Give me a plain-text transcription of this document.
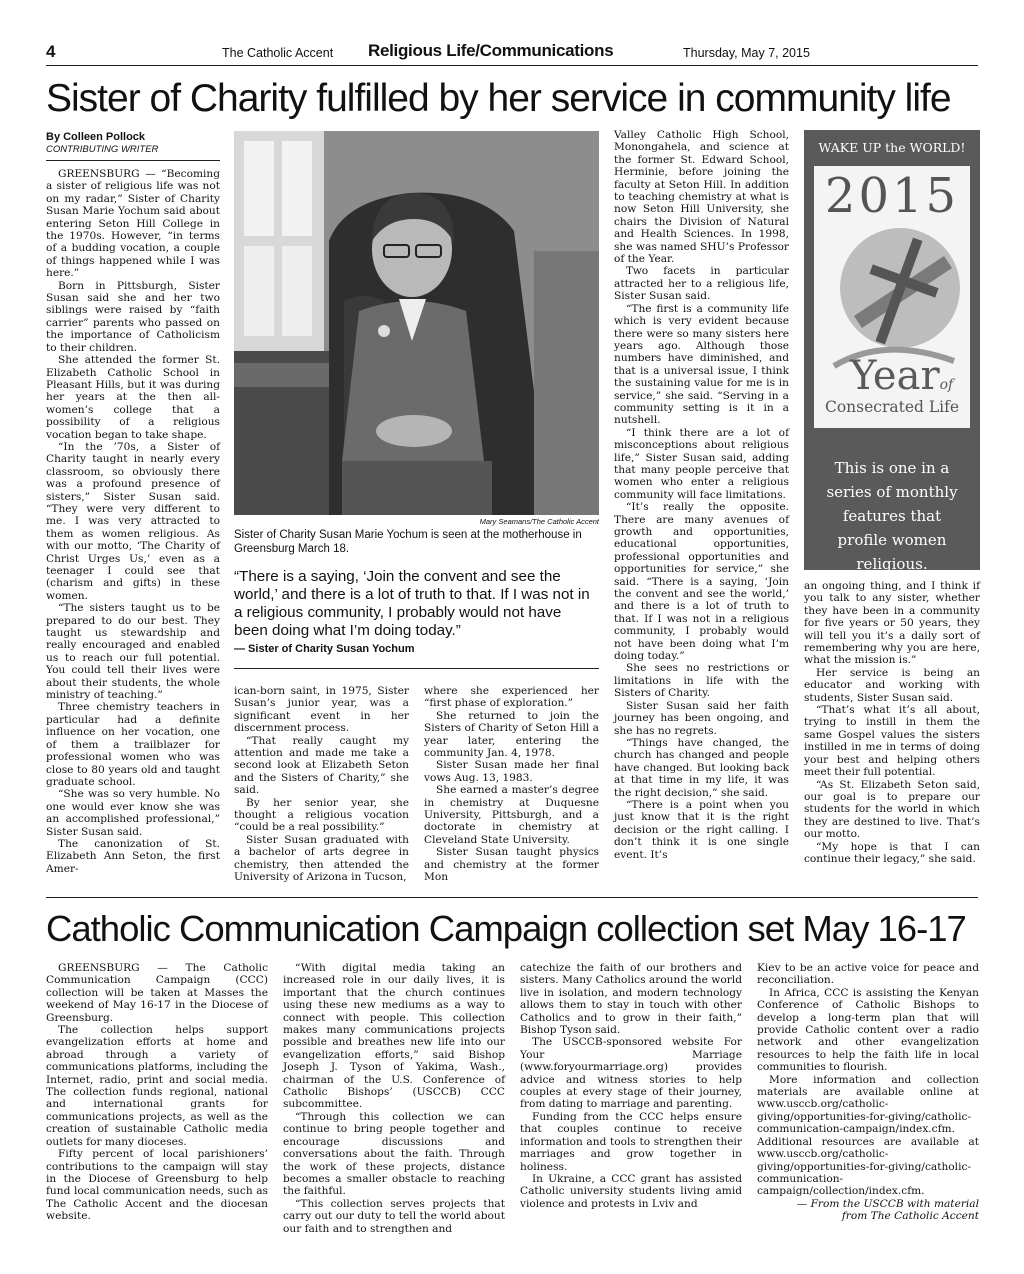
4	The Catholic Accent Religious Life/Communications	Thursday, May 7, 2015
Sister of Charity fulfilled by her service in community life
By Colleen Pollock
CONTRIBUTING WRITER

GREENSBURG — “Becoming a sister of religious life was not on my radar,” Sister of Charity Susan Marie Yochum said about entering Seton Hill College in the 1970s. However, “in terms of a budding vocation, a couple of things happened while I was here.”

Born in Pittsburgh, Sister Susan said she and her two siblings were raised by “faith carrier” parents who passed on the importance of Catholicism to their children.

She attended the former St. Elizabeth Catholic School in Pleasant Hills, but it was during her years at the then all-women’s college that a possibility of a religious vocation began to take shape.

“In the ’70s, a Sister of Charity taught in nearly every classroom, so obviously there was a profound presence of sisters,” Sister Susan said. “They were very different to me. I was very attracted to them as women religious. As with our motto, ‘The Charity of Christ Urges Us,’ even as a teenager I could see that (charism and gifts) in these women.

“The sisters taught us to be prepared to do our best. They taught us stewardship and really encouraged and enabled us to reach our full potential. You could tell their lives were about their students, the whole ministry of teaching.”

Three chemistry teachers in particular had a definite influence on her vocation, one of them a trailblazer for professional women who was close to 80 years old and taught graduate school.

“She was so very humble. No one would ever know she was an accomplished professional,” Sister Susan said.

The canonization of St. Elizabeth Ann Seton, the first Amer-

Mary Seamans/The Catholic Accent
Sister of Charity Susan Marie Yochum is seen at the motherhouse in Greensburg March 18.
“There is a saying, ‘Join the convent and see the world,’ and there is a lot of truth to that. If I was not in a religious community, I probably would not have been doing what I’m doing today.”
— Sister of Charity Susan Yochum

ican-born saint, in 1975, Sister Susan’s junior year, was a significant event in her discernment process.

“That really caught my attention and made me take a second look at Elizabeth Seton and the Sisters of Charity,” she said.

By her senior year, she thought a religious vocation “could be a real possibility.”

Sister Susan graduated with a bachelor of arts degree in chemistry, then attended the University of Arizona in Tucson,

where she experienced her “first phase of exploration.”

She returned to join the Sisters of Charity of Seton Hill a year later, entering the community Jan. 4, 1978.

Sister Susan made her final vows Aug. 13, 1983.

She earned a master’s degree in chemistry at Duquesne University, Pittsburgh, and a doctorate in chemistry at Cleveland State University.

Sister Susan taught physics and chemistry at the former Mon

Valley Catholic High School, Monongahela, and science at the former St. Edward School, Herminie, before joining the faculty at Seton Hill. In addition to teaching chemistry at what is now Seton Hill University, she chairs the Division of Natural and Health Sciences. In 1998, she was named SHU’s Professor of the Year.

Two facets in particular attracted her to a religious life, Sister Susan said.

“The first is a community life which is very evident because there were so many sisters here years ago. Although those numbers have diminished, and that is a universal issue, I think the sustaining value for me is in service,” she said. “Serving in a community setting is it in a nutshell.

“I think there are a lot of misconceptions about religious life,” Sister Susan said, adding that many people perceive that women who enter a religious community will face limitations.

“It’s really the opposite. There are many avenues of growth and opportunities, educational opportunities, professional opportunities and opportunities for service,” she said. “There is a saying, ‘Join the convent and see the world,’ and there is a lot of truth to that. If I was not in a religious community, I probably would not have been doing what I’m doing today.”

She sees no restrictions or limitations in life with the Sisters of Charity.

Sister Susan said her faith journey has been ongoing, and she has no regrets.

“Things have changed, the church has changed and people have changed. But looking back at that time in my life, it was the right decision,” she said.

“There is a point when you just know that it is the right decision or the right calling. I don’t think it is one single event. It’s

WAKE UP the WORLD!
2015
Yearof
Consecrated Life
This is one in a series of monthly features that profile women religious.

an ongoing thing, and I think if you talk to any sister, whether they have been in a community for five years or 50 years, they will tell you it’s a daily sort of remembering why you are here, what the mission is.”

Her service is being an educator and working with students, Sister Susan said.

“That’s what it’s all about, trying to instill in them the same Gospel values the sisters instilled in me in terms of doing your best and helping others meet their full potential.

“As St. Elizabeth Seton said, our goal is to prepare our students for the world in which they are destined to live. That’s our motto.

“My hope is that I can continue their legacy,” she said.

Catholic Communication Campaign collection set May 16-17

GREENSBURG — The Catholic Communication Campaign (CCC) collection will be taken at Masses the weekend of May 16-17 in the Diocese of Greensburg.

The collection helps support evangelization efforts at home and abroad through a variety of communications platforms, including the Internet, radio, print and social media. The collection funds regional, national and international grants for communications projects, as well as the creation of sustainable Catholic media outlets for many dioceses.

Fifty percent of local parishioners’ contributions to the campaign will stay in the Diocese of Greensburg to help fund local communication needs, such as The Catholic Accent and the diocesan website.

“With digital media taking an increased role in our daily lives, it is important that the church continues using these new mediums as a way to connect with people. This collection makes many communications projects possible and breathes new life into our evangelization efforts,” said Bishop Joseph J. Tyson of Yakima, Wash., chairman of the U.S. Conference of Catholic Bishops’ (USCCB) CCC subcommittee.

“Through this collection we can continue to bring people together and encourage discussions and conversations about the faith. Through the work of these projects, distance becomes a smaller obstacle to reaching the faithful.

“This collection serves projects that carry out our duty to tell the world about our faith and to strengthen and

catechize the faith of our brothers and sisters. Many Catholics around the world live in isolation, and modern technology allows them to stay in touch with other Catholics and to grow in their faith,” Bishop Tyson said.

The USCCB-sponsored website For Your Marriage (www.foryourmarriage.org) provides advice and witness stories to help couples at every stage of their journey, from dating to marriage and parenting.

Funding from the CCC helps ensure that couples continue to receive information and tools to strengthen their marriages and grow together in holiness.

In Ukraine, a CCC grant has assisted Catholic university students living amid violence and protests in Lviv and

Kiev to be an active voice for peace and reconciliation.

In Africa, CCC is assisting the Kenyan Conference of Catholic Bishops to develop a long-term plan that will provide Catholic content over a radio network and other evangelization resources to help the faith life in local communities to flourish.

More information and collection materials are available online at www.usccb.org/catholic-giving/opportunities-for-giving/catholic-communication-campaign/index.cfm. Additional resources are available at www.usccb.org/catholic-giving/opportunities-for-giving/catholic-communication-campaign/collection/index.cfm.

— From the USCCB with material from The Catholic Accent
